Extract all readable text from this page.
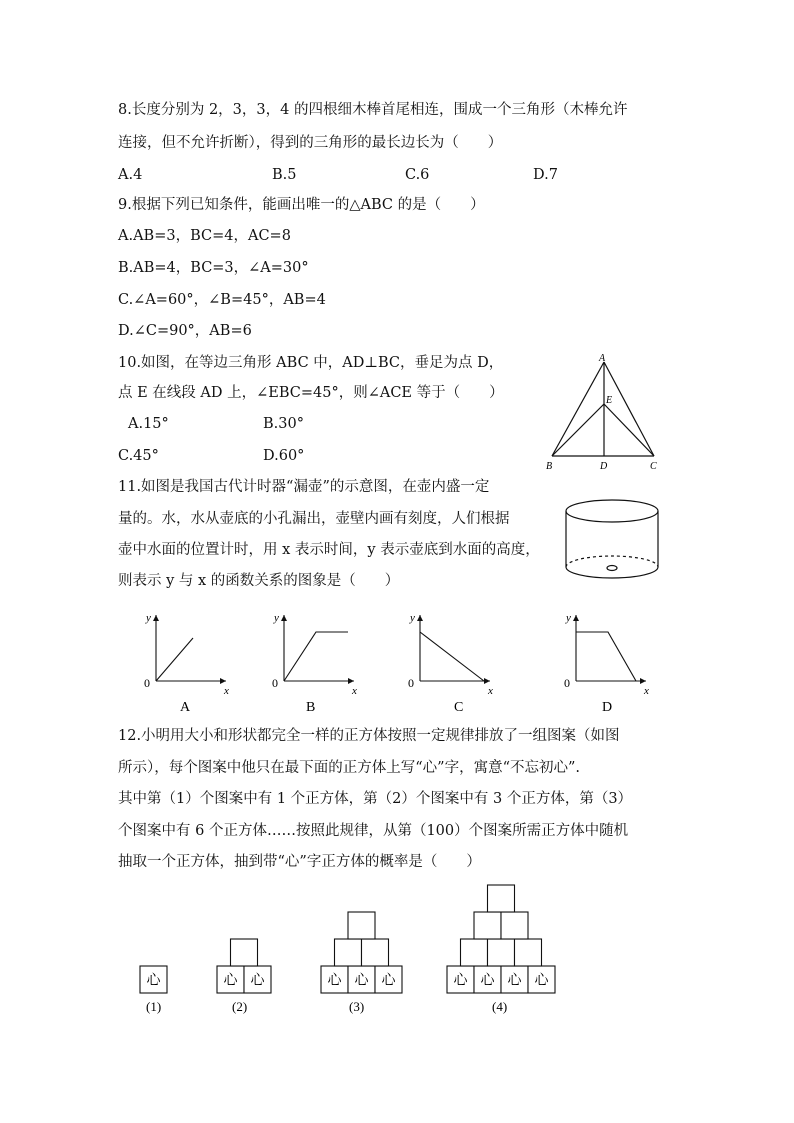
8.长度分别为 2，3，3，4 的四根细木棒首尾相连，围成一个三角形（木棒允许
连接，但不允许折断），得到的三角形的最长边长为（　　）
A.4	B.5	C.6	D.7
9.根据下列已知条件，能画出唯一的△ABC 的是（　　）
A.AB=3，BC=4，AC=8
B.AB=4，BC=3，∠A=30°
C.∠A=60°，∠B=45°，AB=4
D.∠C=90°，AB=6
10.如图，在等边三角形 ABC 中，AD⊥BC，垂足为点 D，
点 E 在线段 AD 上，∠EBC=45°，则∠ACE 等于（　　）
A.15°	B.30°
C.45°	D.60°
A
E
B	D	C
11.如图是我国古代计时器“漏壶”的示意图，在壶内盛一定
量的。水，水从壶底的小孔漏出，壶壁内画有刻度，人们根据
壶中水面的位置计时，用 x 表示时间，y 表示壶底到水面的高度，
则表示 y 与 x 的函数关系的图象是（　　）
y
x
0
A
y
x
0
B
y
x
0
C
y
x
0
D
12.小明用大小和形状都完全一样的正方体按照一定规律排放了一组图案（如图
所示），每个图案中他只在最下面的正方体上写“心”字，寓意“不忘初心”.
其中第（1）个图案中有 1 个正方体，第（2）个图案中有 3 个正方体，第（3）
个图案中有 6 个正方体……按照此规律，从第（100）个图案所需正方体中随机
抽取一个正方体，抽到带“心”字正方体的概率是（　　）
心	心 心	心 心 心	心 心 心 心
(1)	(2)	(3)	(4)
